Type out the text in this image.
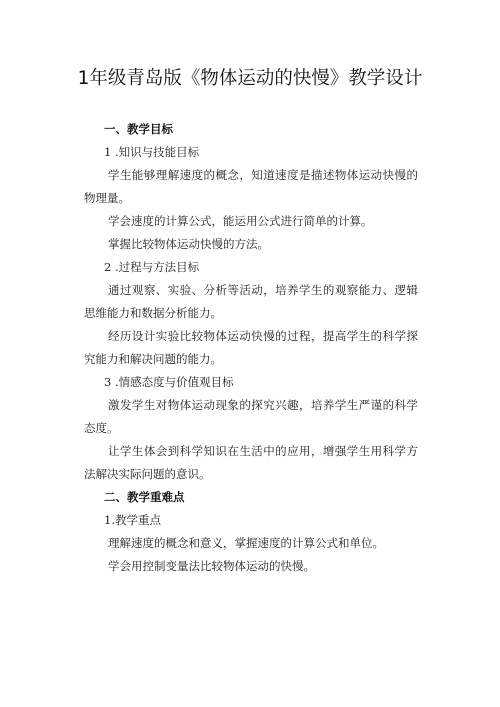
1年级青岛版《物体运动的快慢》教学设计
一、教学目标
1 .知识与技能目标

学生能够理解速度的概念，知道速度是描述物体运动快慢的物理量。

学会速度的计算公式，能运用公式进行简单的计算。

掌握比较物体运动快慢的方法。

2 .过程与方法目标

通过观察、实验、分析等活动，培养学生的观察能力、逻辑思维能力和数据分析能力。

经历设计实验比较物体运动快慢的过程，提高学生的科学探究能力和解决问题的能力。

3 .情感态度与价值观目标

激发学生对物体运动现象的探究兴趣，培养学生严谨的科学态度。

让学生体会到科学知识在生活中的应用，增强学生用科学方法解决实际问题的意识。

二、教学重难点
1.教学重点

理解速度的概念和意义，掌握速度的计算公式和单位。

学会用控制变量法比较物体运动的快慢。
